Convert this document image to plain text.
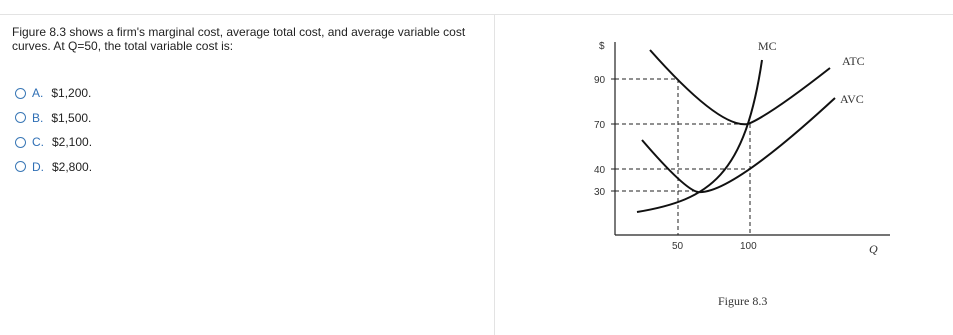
Figure 8.3 shows a firm's marginal cost, average total cost, and average variable cost curves. At Q=50, the total variable cost is:
A. $1,200.
B. $1,500.
C. $2,100.
D. $2,800.
$
90
70
40
30
50	100	Q
MC
ATC
AVC
Figure 8.3
